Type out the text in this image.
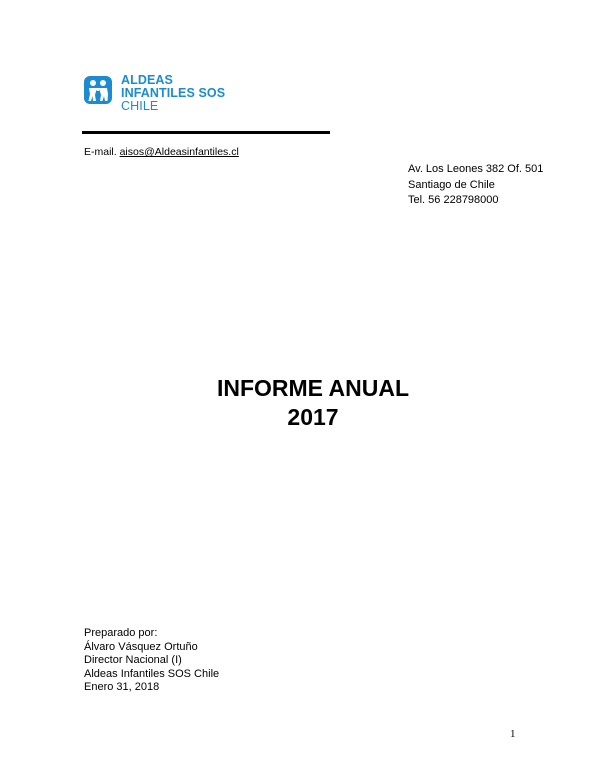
ALDEAS
INFANTILES SOS
CHILE
E-mail. aisos@Aldeasinfantiles.cl
Av. Los Leones 382 Of. 501
Santiago de Chile
Tel. 56 228798000
INFORME ANUAL
2017
Preparado por:
Álvaro Vásquez Ortuño
Director Nacional (I)
Aldeas Infantiles SOS Chile
Enero 31, 2018
1
